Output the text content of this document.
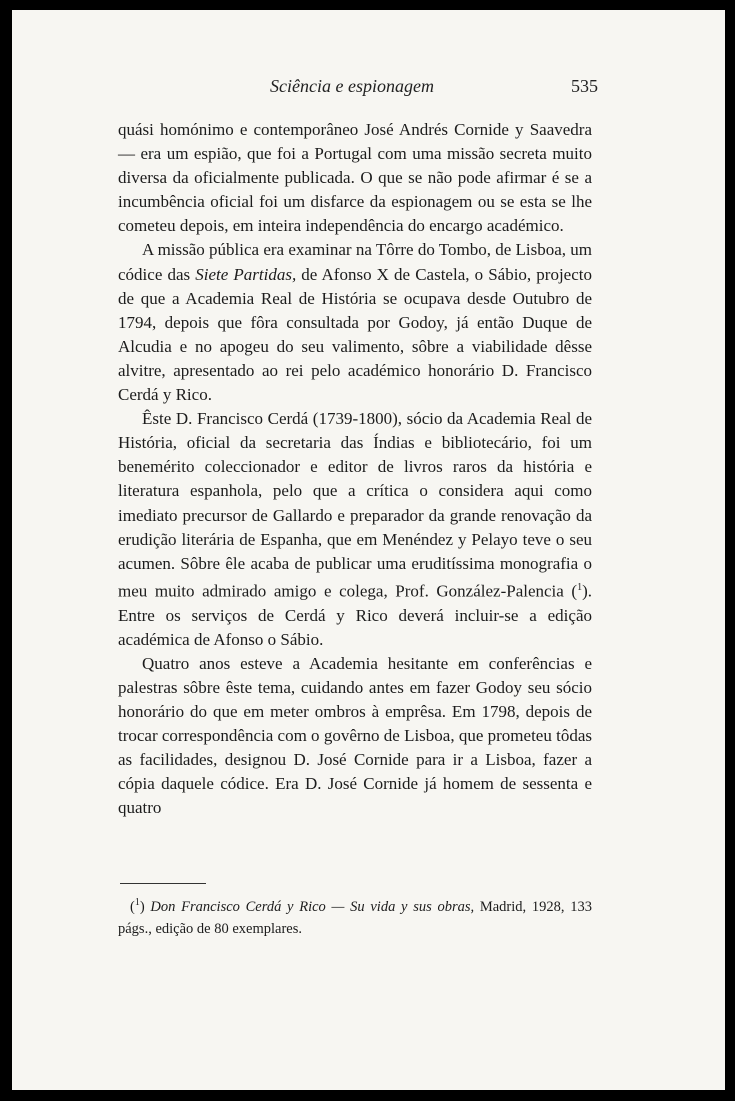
Sciência e espionagem	535

quási homónimo e contemporâneo José Andrés Cornide y Saavedra — era um espião, que foi a Portugal com uma missão secreta muito diversa da oficialmente publicada. O que se não pode afirmar é se a incumbência oficial foi um disfarce da espionagem ou se esta se lhe cometeu depois, em inteira independência do encargo académico.

A missão pública era examinar na Tôrre do Tombo, de Lisboa, um códice das Siete Partidas, de Afonso X de Castela, o Sábio, projecto de que a Academia Real de História se ocupava desde Outubro de 1794, depois que fôra consultada por Godoy, já então Duque de Alcudia e no apogeu do seu valimento, sôbre a viabilidade dêsse alvitre, apresentado ao rei pelo académico honorário D. Francisco Cerdá y Rico.

Êste D. Francisco Cerdá (1739-1800), sócio da Academia Real de História, oficial da secretaria das Índias e bibliotecário, foi um benemérito coleccionador e editor de livros raros da história e literatura espanhola, pelo que a crítica o considera aqui como imediato precursor de Gallardo e preparador da grande renovação da erudição literária de Espanha, que em Menéndez y Pelayo teve o seu acumen. Sôbre êle acaba de publicar uma eruditíssima monografia o meu muito admirado amigo e colega, Prof. González-Palencia ($^1$). Entre os serviços de Cerdá y Rico deverá incluir-se a edição académica de Afonso o Sábio.

Quatro anos esteve a Academia hesitante em conferências e palestras sôbre êste tema, cuidando antes em fazer Godoy seu sócio honorário do que em meter ombros à emprêsa. Em 1798, depois de trocar correspondência com o govêrno de Lisboa, que prometeu tôdas as facilidades, designou D. José Cornide para ir a Lisboa, fazer a cópia daquele códice. Era D. José Cornide já homem de sessenta e quatro

($^1$) Don Francisco Cerdá y Rico — Su vida y sus obras, Madrid, 1928, 133 págs., edição de 80 exemplares.
